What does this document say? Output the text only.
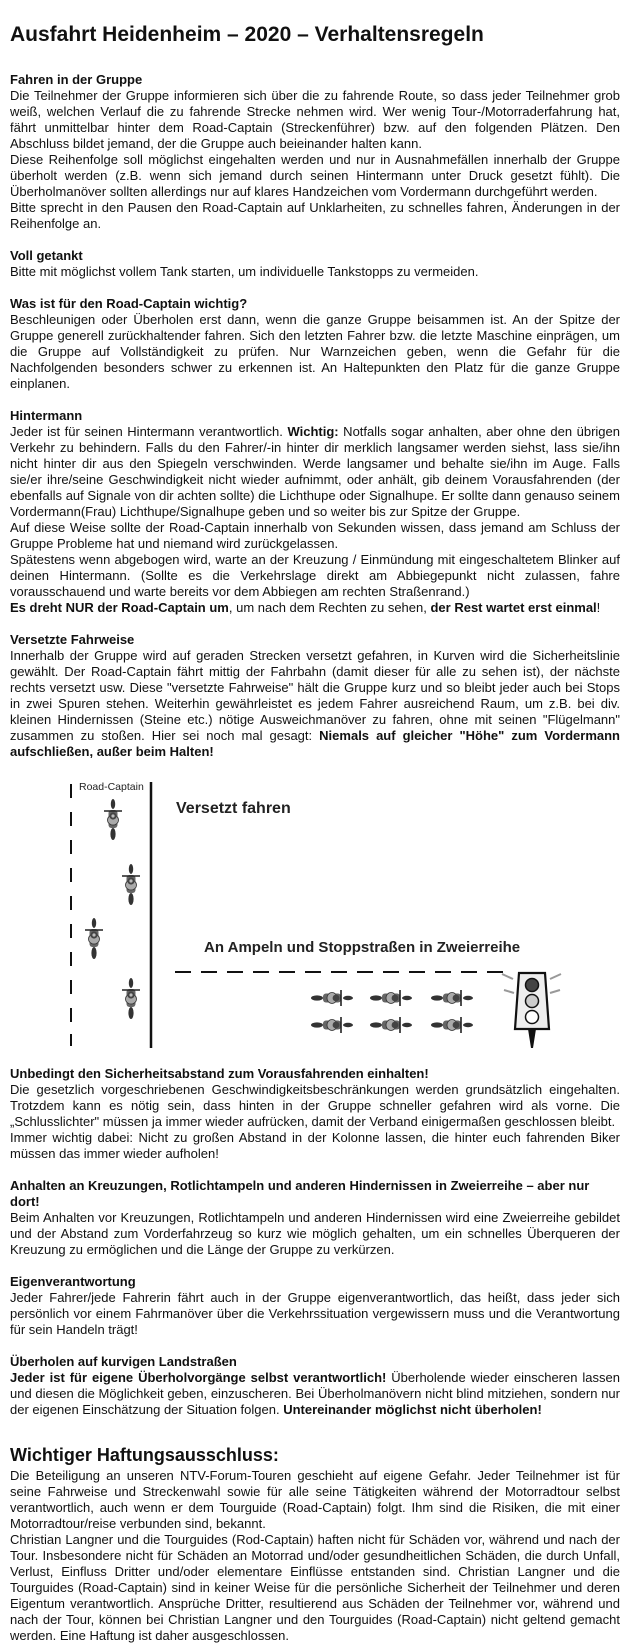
Ausfahrt Heidenheim – 2020 – Verhaltensregeln
Fahren in der Gruppe

Die Teilnehmer der Gruppe informieren sich über die zu fahrende Route, so dass jeder Teilnehmer grob weiß, welchen Verlauf die zu fahrende Strecke nehmen wird. Wer wenig Tour-/Motorraderfahrung hat, fährt unmittelbar hinter dem Road-Captain (Streckenführer) bzw. auf den folgenden Plätzen. Den Abschluss bildet jemand, der die Gruppe auch beieinander halten kann.

Diese Reihenfolge soll möglichst eingehalten werden und nur in Ausnahmefällen innerhalb der Gruppe überholt werden (z.B. wenn sich jemand durch seinen Hintermann unter Druck gesetzt fühlt). Die Überholmanöver sollten allerdings nur auf klares Handzeichen vom Vordermann durchgeführt werden.

Bitte sprecht in den Pausen den Road-Captain auf Unklarheiten, zu schnelles fahren, Änderungen in der Reihenfolge an.

Voll getankt

Bitte mit möglichst vollem Tank starten, um individuelle Tankstopps zu vermeiden.

Was ist für den Road-Captain wichtig?

Beschleunigen oder Überholen erst dann, wenn die ganze Gruppe beisammen ist. An der Spitze der Gruppe generell zurückhaltender fahren. Sich den letzten Fahrer bzw. die letzte Maschine einprägen, um die Gruppe auf Vollständigkeit zu prüfen. Nur Warnzeichen geben, wenn die Gefahr für die Nachfolgenden besonders schwer zu erkennen ist. An Haltepunkten den Platz für die ganze Gruppe einplanen.

Hintermann

Jeder ist für seinen Hintermann verantwortlich. Wichtig: Notfalls sogar anhalten, aber ohne den übrigen Verkehr zu behindern. Falls du den Fahrer/-in hinter dir merklich langsamer werden siehst, lass sie/ihn nicht hinter dir aus den Spiegeln verschwinden. Werde langsamer und behalte sie/ihn im Auge. Falls sie/er ihre/seine Geschwindigkeit nicht wieder aufnimmt, oder anhält, gib deinem Vorausfahrenden (der ebenfalls auf Signale von dir achten sollte) die Lichthupe oder Signalhupe. Er sollte dann genauso seinem Vordermann(Frau) Lichthupe/Signalhupe geben und so weiter bis zur Spitze der Gruppe.

Auf diese Weise sollte der Road-Captain innerhalb von Sekunden wissen, dass jemand am Schluss der Gruppe Probleme hat und niemand wird zurückgelassen.

Spätestens wenn abgebogen wird, warte an der Kreuzung / Einmündung mit eingeschaltetem Blinker auf deinen Hintermann. (Sollte es die Verkehrslage direkt am Abbiegepunkt nicht zulassen, fahre vorausschauend und warte bereits vor dem Abbiegen am rechten Straßenrand.)

Es dreht NUR der Road-Captain um, um nach dem Rechten zu sehen, der Rest wartet erst einmal!

Versetzte Fahrweise

Innerhalb der Gruppe wird auf geraden Strecken versetzt gefahren, in Kurven wird die Sicherheitslinie gewählt. Der Road-Captain fährt mittig der Fahrbahn (damit dieser für alle zu sehen ist), der nächste rechts versetzt usw. Diese "versetzte Fahrweise" hält die Gruppe kurz und so bleibt jeder auch bei Stops in zwei Spuren stehen. Weiterhin gewährleistet es jedem Fahrer ausreichend Raum, um z.B. bei div. kleinen Hindernissen (Steine etc.) nötige Ausweichmanöver zu fahren, ohne mit seinen "Flügelmann" zusammen zu stoßen. Hier sei noch mal gesagt: Niemals auf gleicher "Höhe" zum Vordermann aufschließen, außer beim Halten!

Road-Captain
Versetzt fahren
An Ampeln und Stoppstraßen in Zweierreihe
Unbedingt den Sicherheitsabstand zum Vorausfahrenden einhalten!

Die gesetzlich vorgeschriebenen Geschwindigkeitsbeschränkungen werden grundsätzlich eingehalten. Trotzdem kann es nötig sein, dass hinten in der Gruppe schneller gefahren wird als vorne. Die „Schlusslichter" müssen ja immer wieder aufrücken, damit der Verband einigermaßen geschlossen bleibt.

Immer wichtig dabei: Nicht zu großen Abstand in der Kolonne lassen, die hinter euch fahrenden Biker müssen das immer wieder aufholen!

Anhalten an Kreuzungen, Rotlichtampeln und anderen Hindernissen in Zweierreihe – aber nur dort!

Beim Anhalten vor Kreuzungen, Rotlichtampeln und anderen Hindernissen wird eine Zweierreihe gebildet und der Abstand zum Vorderfahrzeug so kurz wie möglich gehalten, um ein schnelles Überqueren der Kreuzung zu ermöglichen und die Länge der Gruppe zu verkürzen.

Eigenverantwortung

Jeder Fahrer/jede Fahrerin fährt auch in der Gruppe eigenverantwortlich, das heißt, dass jeder sich persönlich vor einem Fahrmanöver über die Verkehrssituation vergewissern muss und die Verantwortung für sein Handeln trägt!

Überholen auf kurvigen Landstraßen

Jeder ist für eigene Überholvorgänge selbst verantwortlich! Überholende wieder einscheren lassen und diesen die Möglichkeit geben, einzuscheren. Bei Überholmanövern nicht blind mitziehen, sondern nur der eigenen Einschätzung der Situation folgen. Untereinander möglichst nicht überholen!

Wichtiger Haftungsausschluss:

Die Beteiligung an unseren NTV-Forum-Touren geschieht auf eigene Gefahr. Jeder Teilnehmer ist für seine Fahrweise und Streckenwahl sowie für alle seine Tätigkeiten während der Motorradtour selbst verantwortlich, auch wenn er dem Tourguide (Road-Captain) folgt. Ihm sind die Risiken, die mit einer Motorradtour/reise verbunden sind, bekannt.

Christian Langner und die Tourguides (Rod-Captain) haften nicht für Schäden vor, während und nach der Tour. Insbesondere nicht für Schäden an Motorrad und/oder gesundheitlichen Schäden, die durch Unfall, Verlust, Einfluss Dritter und/oder elementare Einflüsse entstanden sind. Christian Langner und die Tourguides (Road-Captain) sind in keiner Weise für die persönliche Sicherheit der Teilnehmer und deren Eigentum verantwortlich. Ansprüche Dritter, resultierend aus Schäden der Teilnehmer vor, während und nach der Tour, können bei Christian Langner und den Tourguides (Road-Captain) nicht geltend gemacht werden. Eine Haftung ist daher ausgeschlossen.
